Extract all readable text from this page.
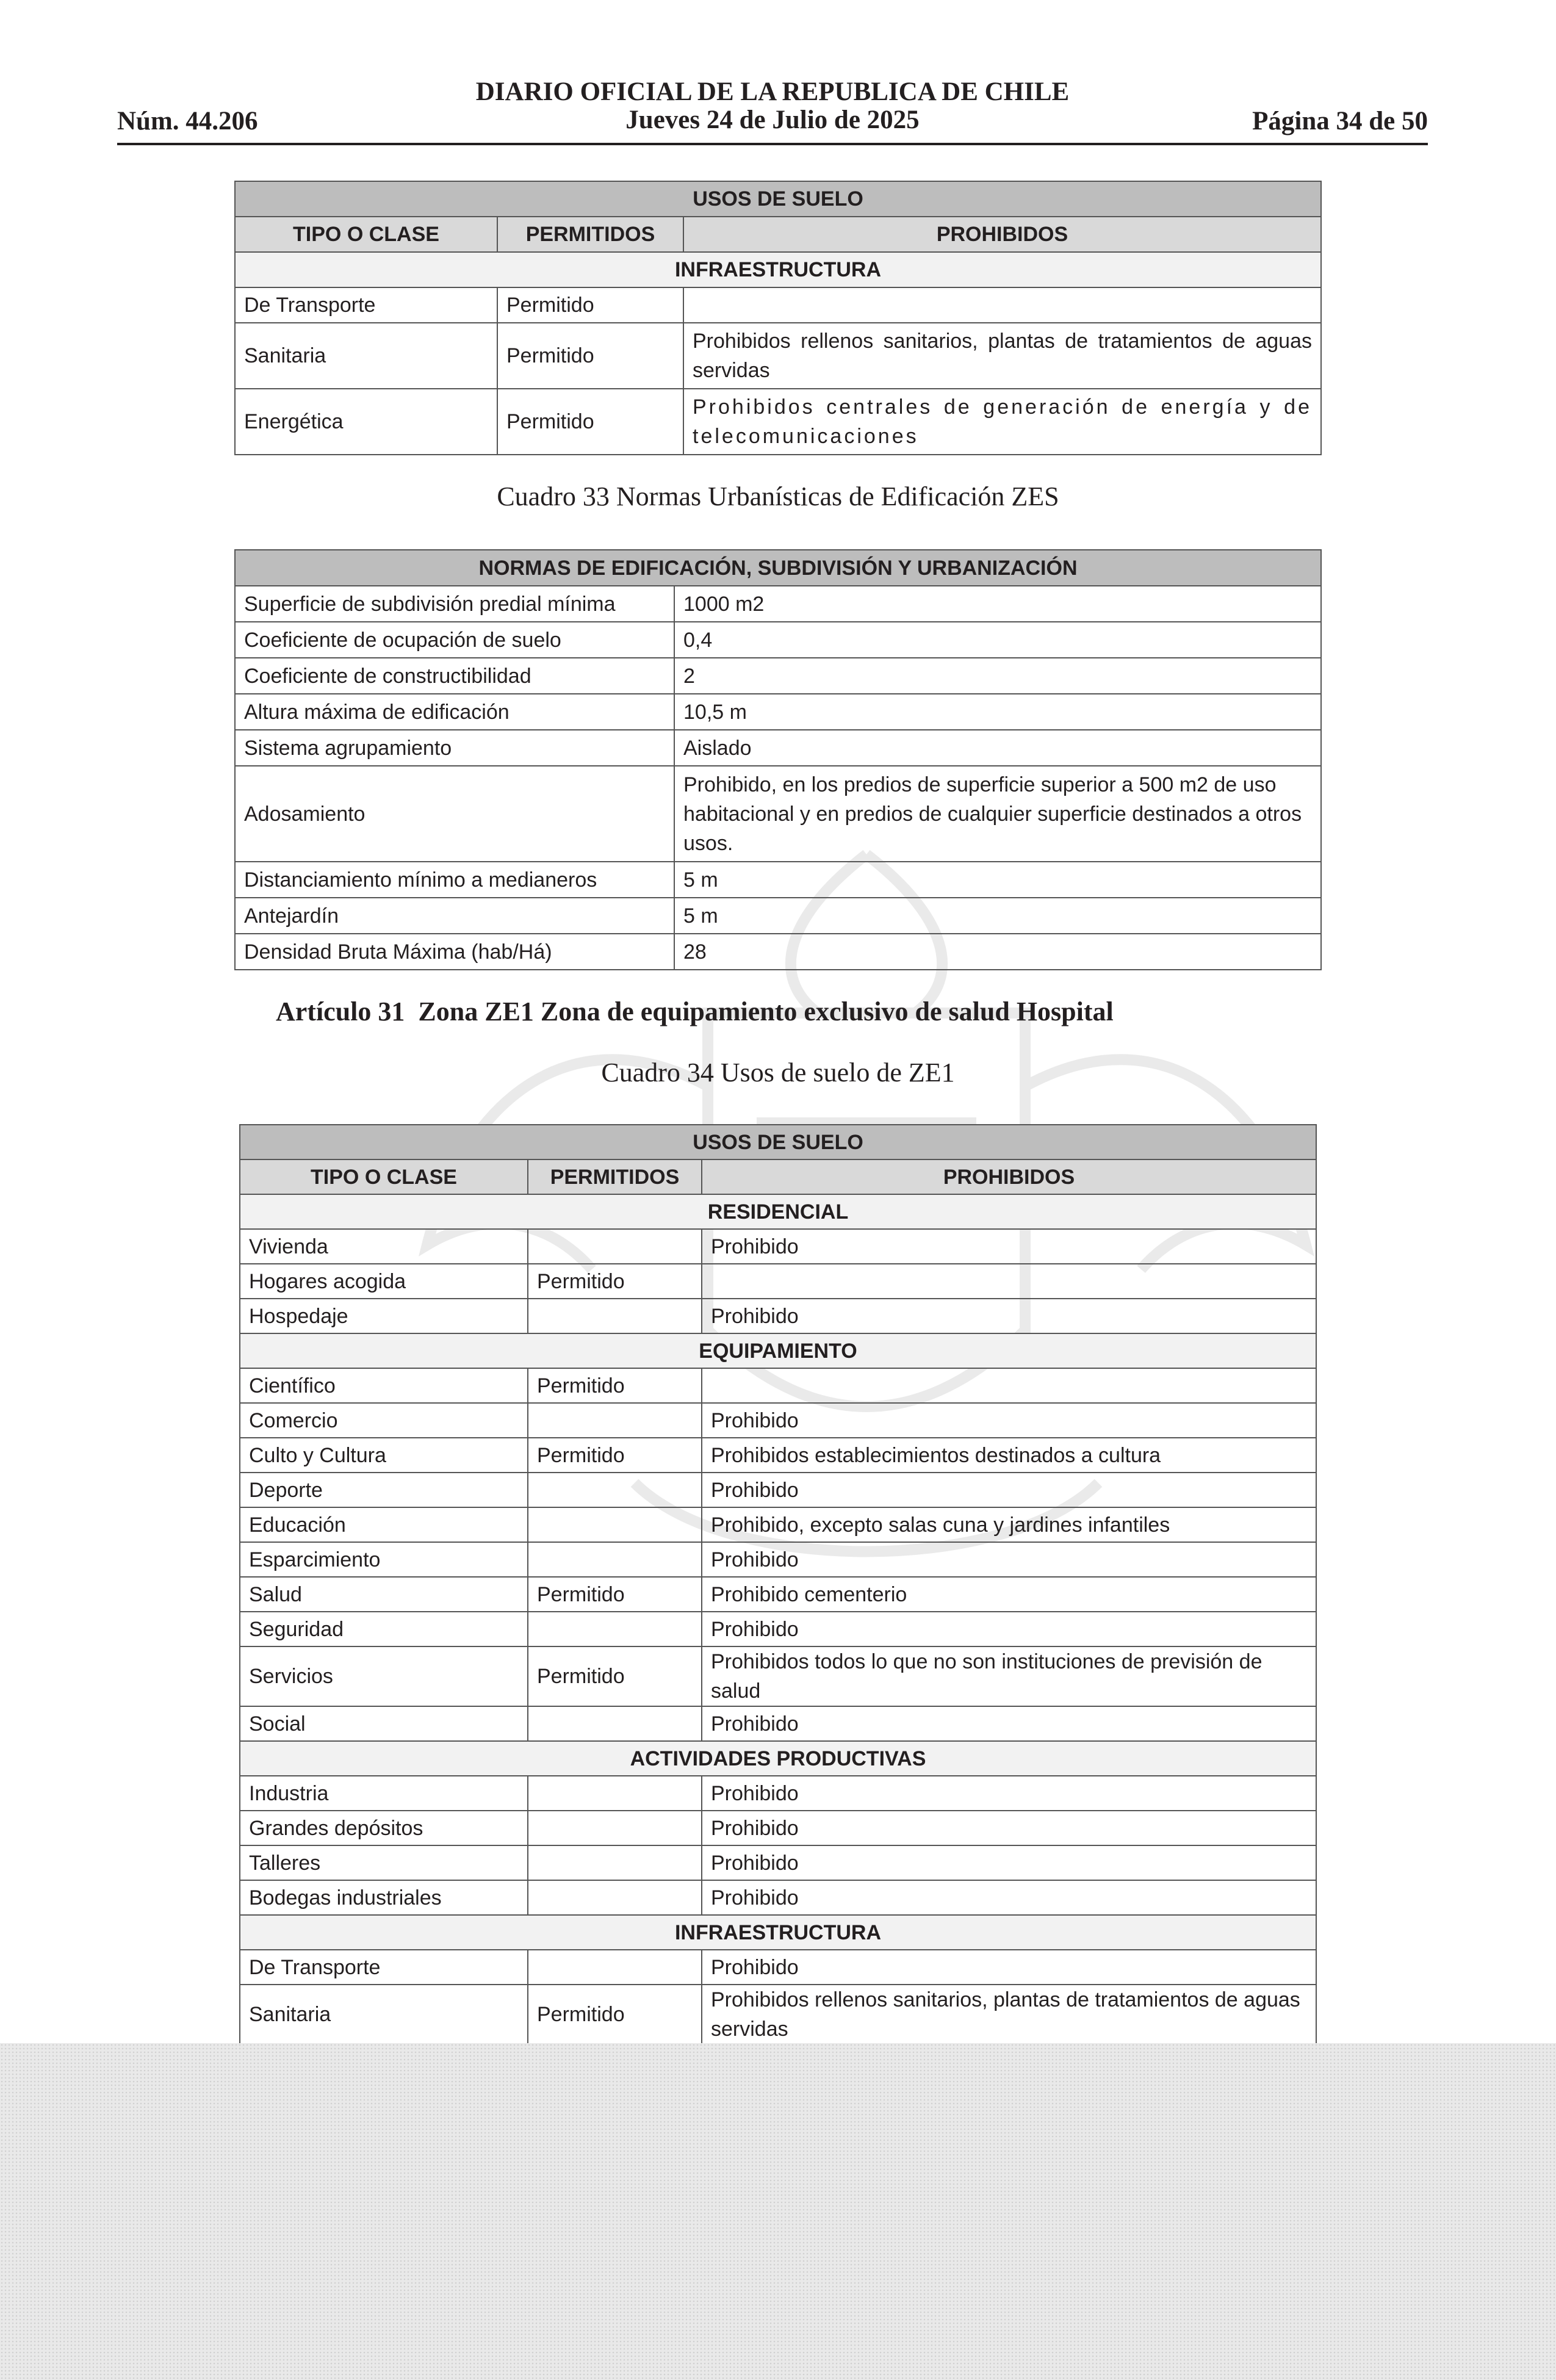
DIARIO OFICIAL DE LA REPUBLICA DE CHILE
Jueves 24 de Julio de 2025
Núm. 44.206	Página 34 de 50
USOS DE SUELO		
TIPO O CLASE	PERMITIDOS	PROHIBIDOS
INFRAESTRUCTURA		
De Transporte	Permitido	
Sanitaria	Permitido	Prohibidos rellenos sanitarios, plantas de tratamientos de aguas servidas
Energética	Permitido	Prohibidos centrales de generación de energía y de telecomunicaciones
Cuadro 33 Normas Urbanísticas de Edificación ZES
NORMAS DE EDIFICACIÓN, SUBDIVISIÓN Y URBANIZACIÓN	
Superficie de subdivisión predial mínima	1000 m2
Coeficiente de ocupación de suelo	0,4
Coeficiente de constructibilidad	2
Altura máxima de edificación	10,5 m
Sistema agrupamiento	Aislado
Adosamiento	Prohibido, en los predios de superficie superior a 500 m2 de uso habitacional y en predios de cualquier superficie destinados a otros usos.
Distanciamiento mínimo a medianeros	5 m
Antejardín	5 m
Densidad Bruta Máxima (hab/Há)	28
Artículo 31 Zona ZE1 Zona de equipamiento exclusivo de salud Hospital
Cuadro 34 Usos de suelo de ZE1
USOS DE SUELO		
TIPO O CLASE	PERMITIDOS	PROHIBIDOS
RESIDENCIAL		
Vivienda		Prohibido
Hogares acogida	Permitido	
Hospedaje		Prohibido
EQUIPAMIENTO		
Científico	Permitido	
Comercio		Prohibido
Culto y Cultura	Permitido	Prohibidos establecimientos destinados a cultura
Deporte		Prohibido
Educación		Prohibido, excepto salas cuna y jardines infantiles
Esparcimiento		Prohibido
Salud	Permitido	Prohibido cementerio
Seguridad		Prohibido
Servicios	Permitido	Prohibidos todos lo que no son instituciones de previsión de salud
Social		Prohibido
ACTIVIDADES PRODUCTIVAS		
Industria		Prohibido
Grandes depósitos		Prohibido
Talleres		Prohibido
Bodegas industriales		Prohibido
INFRAESTRUCTURA		
De Transporte		Prohibido
Sanitaria	Permitido	Prohibidos rellenos sanitarios, plantas de tratamientos de aguas servidas
